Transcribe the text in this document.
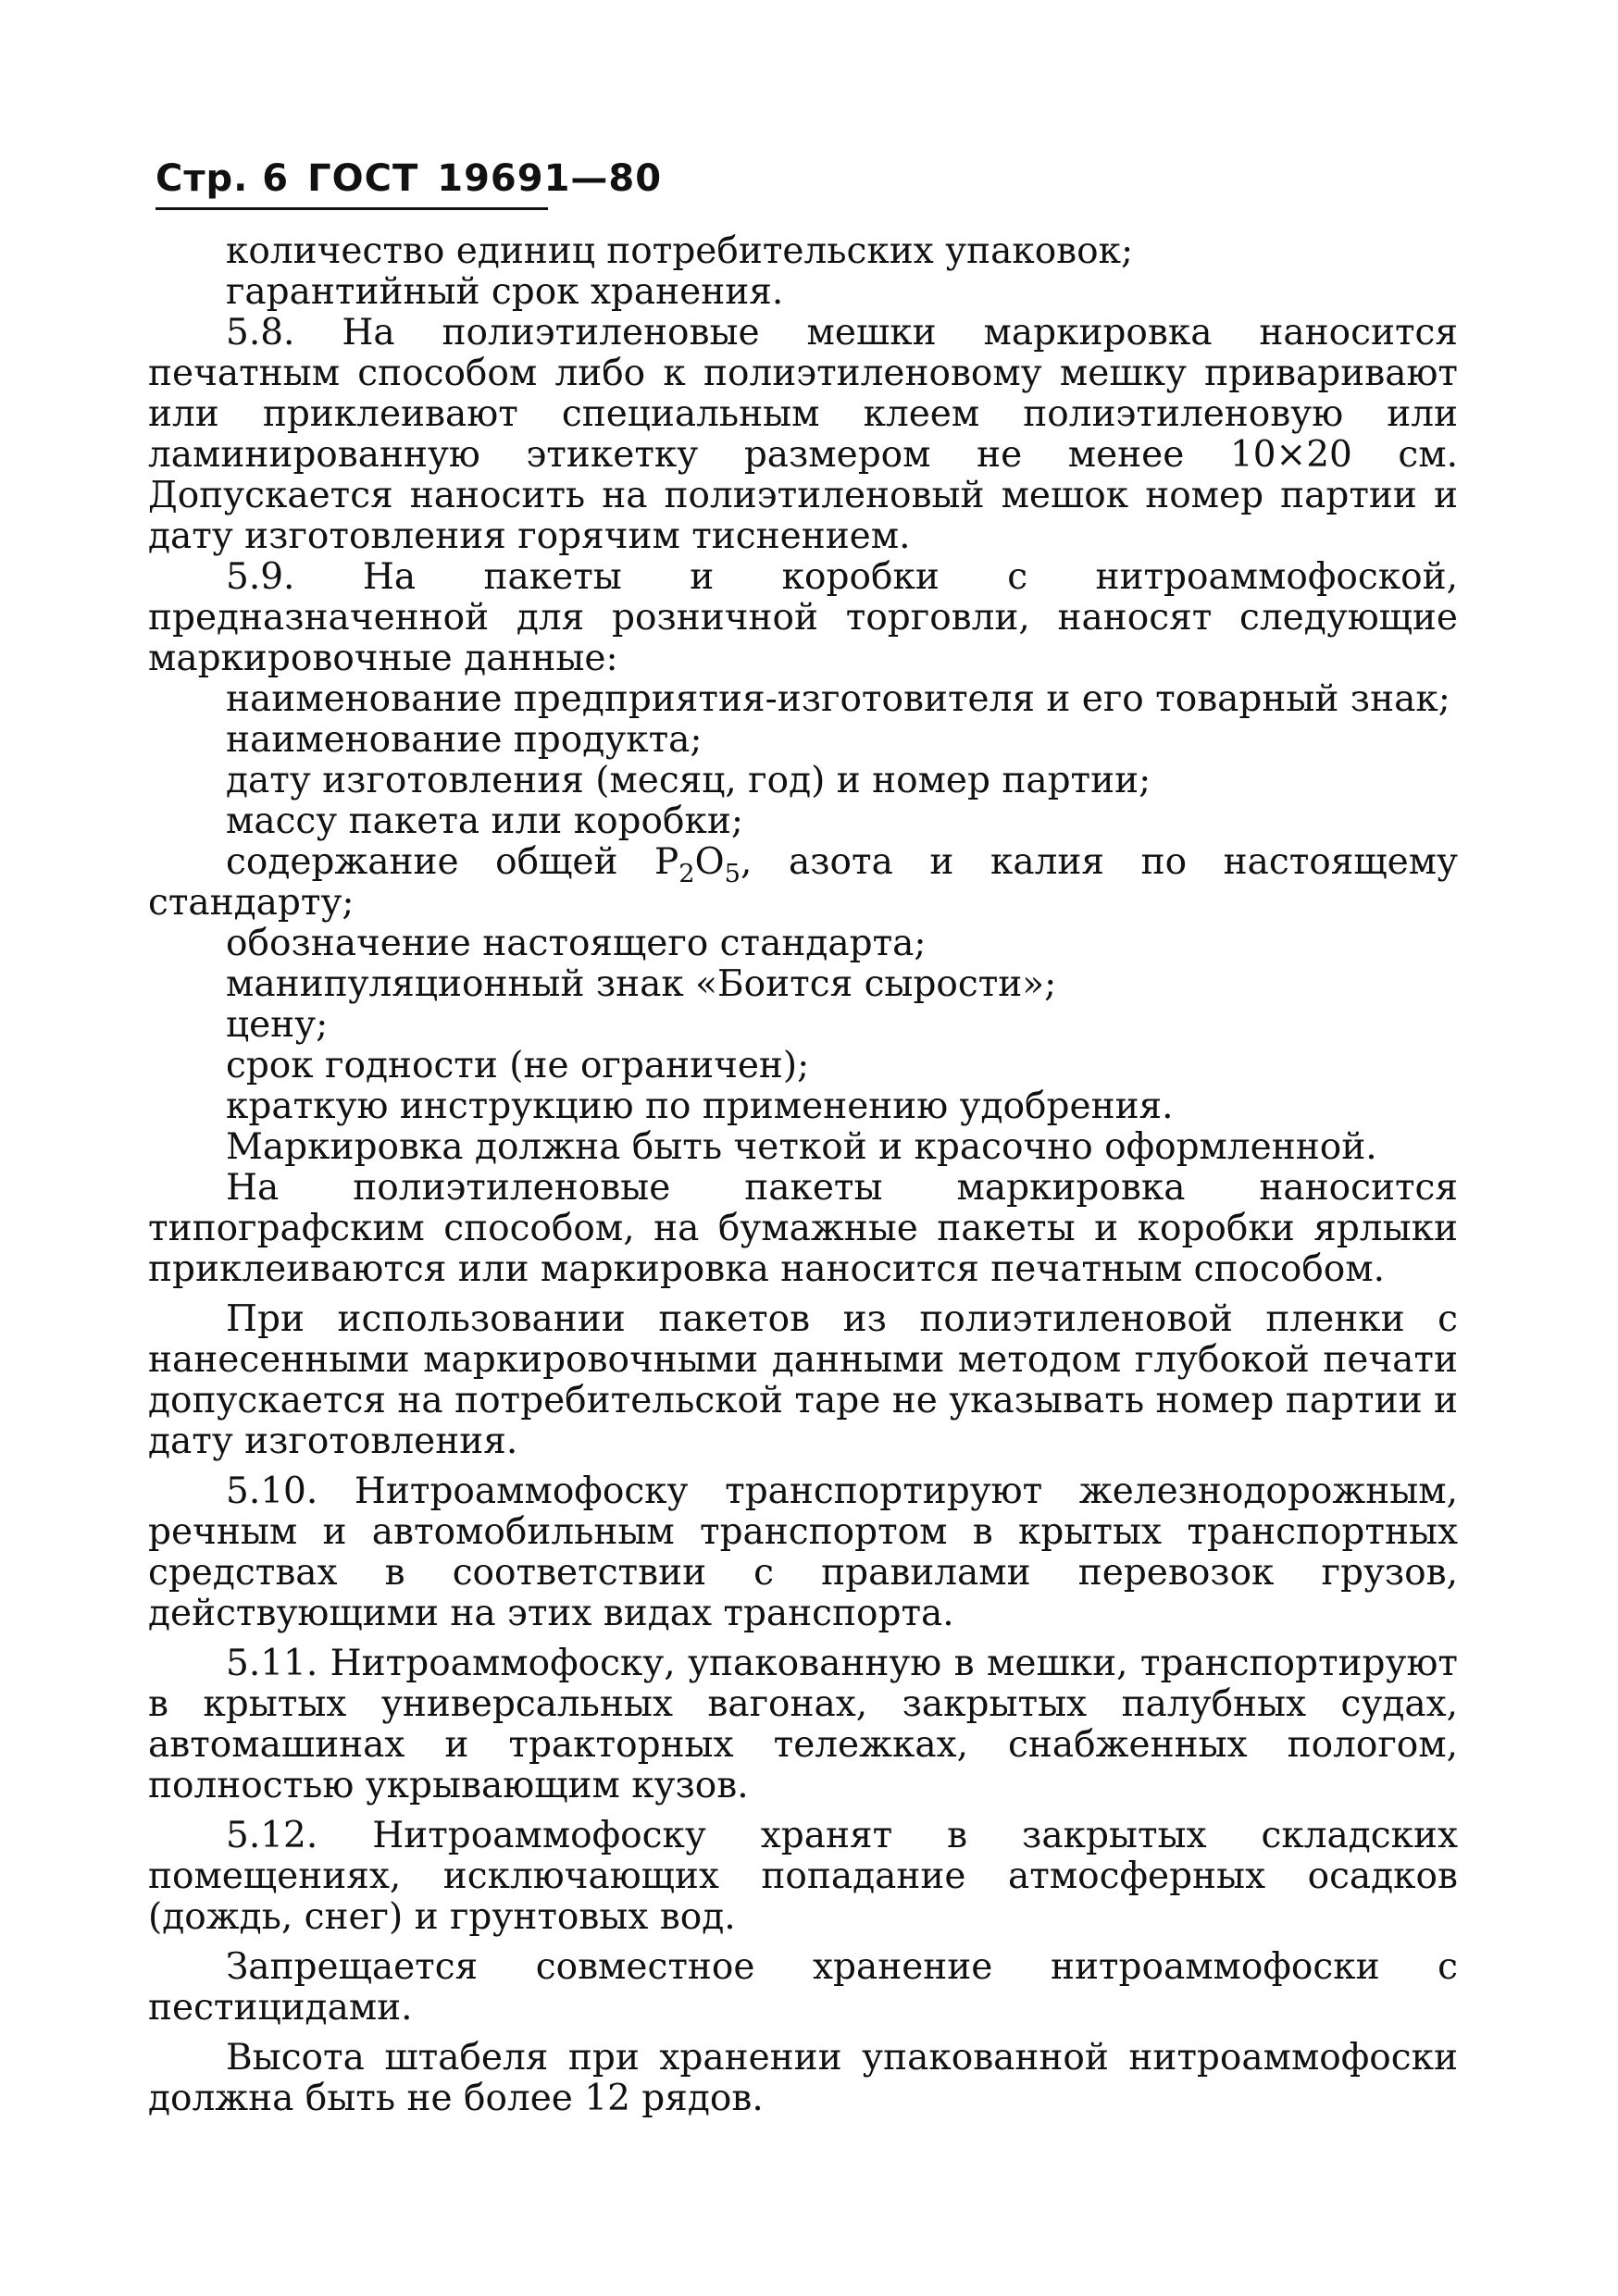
Стр. 6 ГОСТ 19691—80

количество единиц потребительских упаковок;

гарантийный срок хранения.

5.8. На полиэтиленовые мешки маркировка наносится печатным способом либо к полиэтиленовому мешку приваривают или приклеивают специальным клеем полиэтиленовую или ламинированную этикетку размером не менее 10×20 см. Допускается наносить на полиэтиленовый мешок номер партии и дату изготовления горячим тиснением.

5.9. На пакеты и коробки с нитроаммофоской, предназначенной для розничной торговли, наносят следующие маркировочные данные:

наименование предприятия-изготовителя и его товарный знак;

наименование продукта;

дату изготовления (месяц, год) и номер партии;

массу пакета или коробки;

содержание общей $P_2O_5$, азота и калия по настоящему стандарту;

обозначение настоящего стандарта;

манипуляционный знак «Боится сырости»;

цену;

срок годности (не ограничен);

краткую инструкцию по применению удобрения.

Маркировка должна быть четкой и красочно оформленной.

На полиэтиленовые пакеты маркировка наносится типографским способом, на бумажные пакеты и коробки ярлыки приклеиваются или маркировка наносится печатным способом.

При использовании пакетов из полиэтиленовой пленки с нанесенными маркировочными данными методом глубокой печати допускается на потребительской таре не указывать номер партии и дату изготовления.

5.10. Нитроаммофоску транспортируют железнодорожным, речным и автомобильным транспортом в крытых транспортных средствах в соответствии с правилами перевозок грузов, действующими на этих видах транспорта.

5.11. Нитроаммофоску, упакованную в мешки, транспортируют в крытых универсальных вагонах, закрытых палубных судах, автомашинах и тракторных тележках, снабженных пологом, полностью укрывающим кузов.

5.12. Нитроаммофоску хранят в закрытых складских помещениях, исключающих попадание атмосферных осадков (дождь, снег) и грунтовых вод.

Запрещается совместное хранение нитроаммофоски с пестицидами.

Высота штабеля при хранении упакованной нитроаммофоски должна быть не более 12 рядов.
